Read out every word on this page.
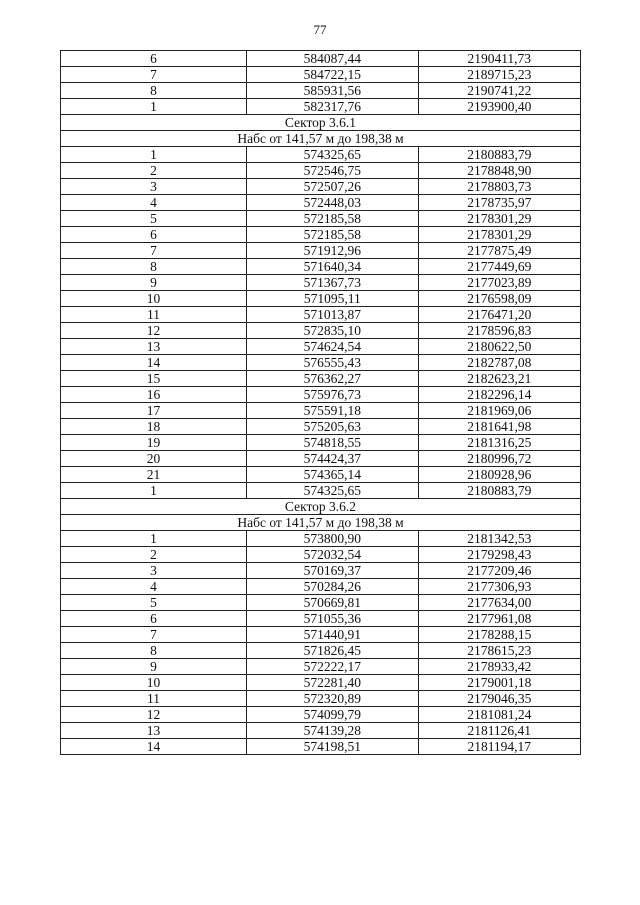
77
6	584087,44	2190411,73
7	584722,15	2189715,23
8	585931,56	2190741,22
1	582317,76	2193900,40
Сектор 3.6.1		
Набс от 141,57 м до 198,38 м		
1	574325,65	2180883,79
2	572546,75	2178848,90
3	572507,26	2178803,73
4	572448,03	2178735,97
5	572185,58	2178301,29
6	572185,58	2178301,29
7	571912,96	2177875,49
8	571640,34	2177449,69
9	571367,73	2177023,89
10	571095,11	2176598,09
11	571013,87	2176471,20
12	572835,10	2178596,83
13	574624,54	2180622,50
14	576555,43	2182787,08
15	576362,27	2182623,21
16	575976,73	2182296,14
17	575591,18	2181969,06
18	575205,63	2181641,98
19	574818,55	2181316,25
20	574424,37	2180996,72
21	574365,14	2180928,96
1	574325,65	2180883,79
Сектор 3.6.2		
Набс от 141,57 м до 198,38 м		
1	573800,90	2181342,53
2	572032,54	2179298,43
3	570169,37	2177209,46
4	570284,26	2177306,93
5	570669,81	2177634,00
6	571055,36	2177961,08
7	571440,91	2178288,15
8	571826,45	2178615,23
9	572222,17	2178933,42
10	572281,40	2179001,18
11	572320,89	2179046,35
12	574099,79	2181081,24
13	574139,28	2181126,41
14	574198,51	2181194,17
